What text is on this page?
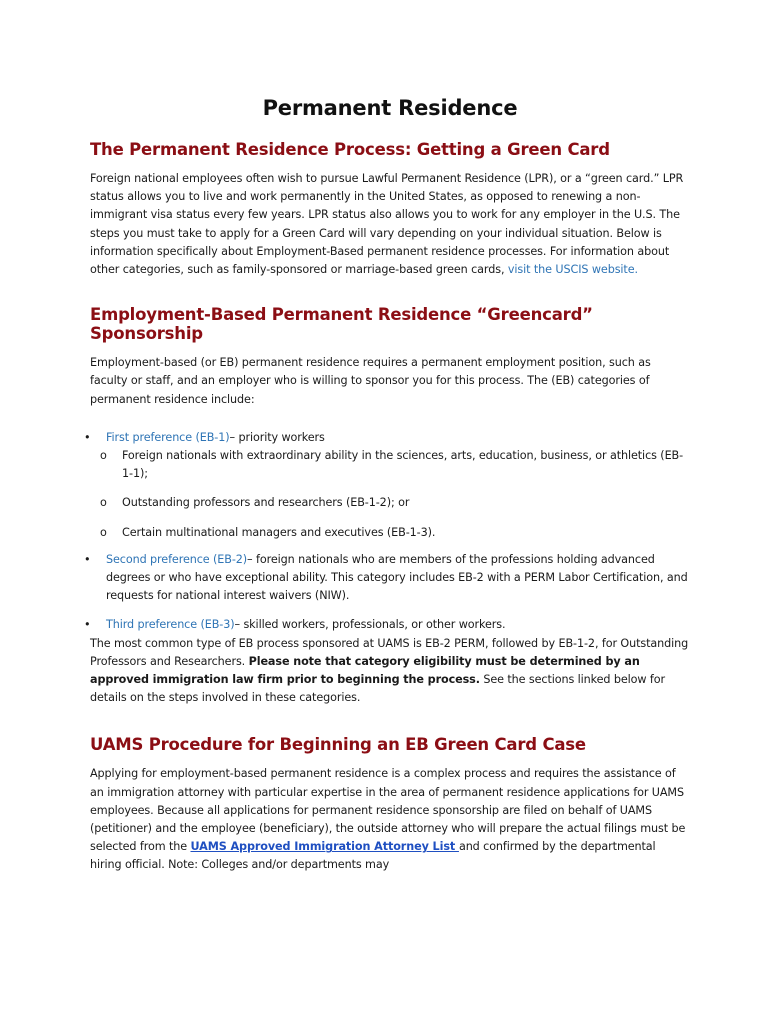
Permanent Residence
The Permanent Residence Process: Getting a Green Card

Foreign national employees often wish to pursue Lawful Permanent Residence (LPR), or a “green card.” LPR status allows you to live and work permanently in the United States, as opposed to renewing a non-immigrant visa status every few years. LPR status also allows you to work for any employer in the U.S. The steps you must take to apply for a Green Card will vary depending on your individual situation. Below is information specifically about Employment-Based permanent residence processes. For information about other categories, such as family-sponsored or marriage-based green cards, visit the USCIS website.

Employment-Based Permanent Residence “Greencard” Sponsorship

Employment-based (or EB) permanent residence requires a permanent employment position, such as faculty or staff, and an employer who is willing to sponsor you for this process. The (EB) categories of permanent residence include:

• First preference (EB-1)– priority workers
o Foreign nationals with extraordinary ability in the sciences, arts, education, business, or athletics (EB-1-1);
o Outstanding professors and researchers (EB-1-2); or
o Certain multinational managers and executives (EB-1-3).
• Second preference (EB-2)– foreign nationals who are members of the professions holding advanced degrees or who have exceptional ability. This category includes EB-2 with a PERM Labor Certification, and requests for national interest waivers (NIW).
• Third preference (EB-3)– skilled workers, professionals, or other workers.

The most common type of EB process sponsored at UAMS is EB-2 PERM, followed by EB-1-2, for Outstanding Professors and Researchers. Please note that category eligibility must be determined by an approved immigration law firm prior to beginning the process. See the sections linked below for details on the steps involved in these categories.

UAMS Procedure for Beginning an EB Green Card Case

Applying for employment-based permanent residence is a complex process and requires the assistance of an immigration attorney with particular expertise in the area of permanent residence applications for UAMS employees. Because all applications for permanent residence sponsorship are filed on behalf of UAMS (petitioner) and the employee (beneficiary), the outside attorney who will prepare the actual filings must be selected from the UAMS Approved Immigration Attorney List and confirmed by the departmental hiring official. Note: Colleges and/or departments may
